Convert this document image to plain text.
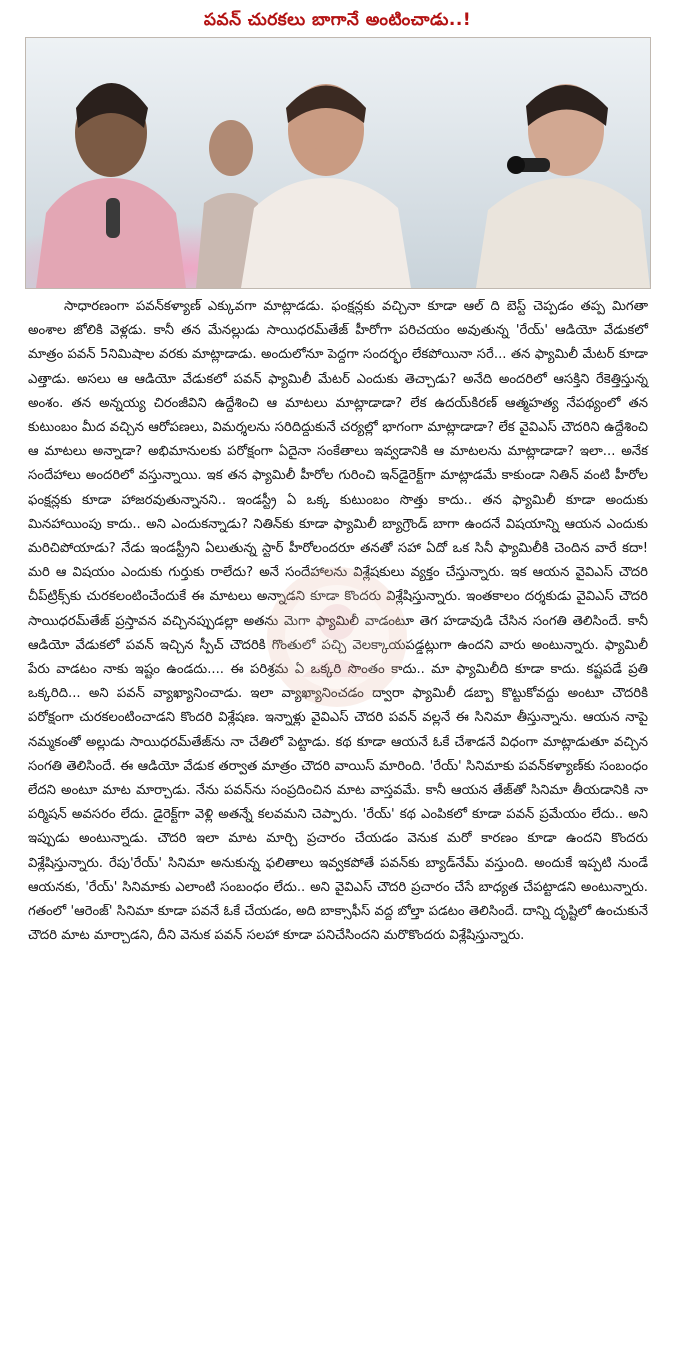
పవన్ చురకలు బాగానే అంటించాడు..!

సాధారణంగా పవన్‌కళ్యాణ్ ఎక్కువగా మాట్లాడడు. ఫంక్షన్లకు వచ్చినా కూడా ఆల్ ది బెస్ట్ చెప్పడం తప్ప మిగతా అంశాల జోలికి వెళ్లడు. కానీ తన మేనల్లుడు సాయిధరమ్‌తేజ్ హీరోగా పరిచయం అవుతున్న 'రేయ్' ఆడియో వేడుకలో మాత్రం పవన్ 5నిమిషాల వరకు మాట్లాడాడు. అందులోనూ పెద్దగా సందర్భం లేకపోయినా సరే... తన ఫ్యామిలీ మేటర్ కూడా ఎత్తాడు. అసలు ఆ ఆడియో వేడుకలో పవన్ ఫ్యామిలీ మేటర్ ఎందుకు తెచ్చాడు? అనేది అందరిలో ఆసక్తిని రేకెత్తిస్తున్న అంశం. తన అన్నయ్య చిరంజీవిని ఉద్దేశించి ఆ మాటలు మాట్లాడాడా? లేక ఉదయ్‌కిరణ్ ఆత్మహత్య నేపథ్యంలో తన కుటుంబం మీద వచ్చిన ఆరోపణలు, విమర్శలను సరిదిద్దుకునే చర్యల్లో భాగంగా మాట్లాడాడా? లేక వైవిఎస్ చౌదరిని ఉద్దేశించి ఆ మాటలు అన్నాడా? అభిమానులకు పరోక్షంగా ఏదైనా సంకేతాలు ఇవ్వడానికి ఆ మాటలను మాట్లాడాడా? ఇలా... అనేక సందేహాలు అందరిలో వస్తున్నాయి. ఇక తన ఫ్యామిలీ హీరోల గురించి ఇన్‌డైరెక్ట్‌గా మాట్లాడమే కాకుండా నితిన్ వంటి హీరోల ఫంక్షన్లకు కూడా హాజరవుతున్నానని.. ఇండస్ట్రీ ఏ ఒక్క కుటుంబం సొత్తు కాదు.. తన ఫ్యామిలీ కూడా అందుకు మినహాయింపు కాదు.. అని ఎందుకన్నాడు? నితిన్‌కు కూడా ఫ్యామిలీ బ్యాగ్రౌండ్ బాగా ఉందనే విషయాన్ని ఆయన ఎందుకు మరిచిపోయాడు? నేడు ఇండస్ట్రీని ఏలుతున్న స్టార్ హీరోలందరూ తనతో సహా ఏదో ఒక సినీ ఫ్యామిలీకి చెందిన వారే కదా! మరి ఆ విషయం ఎందుకు గుర్తుకు రాలేదు? అనే సందేహాలను విశ్లేషకులు వ్యక్తం చేస్తున్నారు. ఇక ఆయన వైవిఎస్ చౌదరి చీప్‌ట్రిక్స్‌కు చురకలంటించేందుకే ఈ మాటలు అన్నాడని కూడా కొందరు విశ్లేషిస్తున్నారు. ఇంతకాలం దర్శకుడు వైవిఎస్ చౌదరి సాయిధరమ్‌తేజ్ ప్రస్తావన వచ్చినప్పుడల్లా అతను మెగా ఫ్యామిలీ వాడంటూ తెగ హడావుడి చేసిన సంగతి తెలిసిందే. కానీ ఆడియో వేడుకలో పవన్ ఇచ్చిన స్పీచ్ చౌదరికి గొంతులో పచ్చి వెలక్కాయపడ్డట్లుగా ఉందని వారు అంటున్నారు. ఫ్యామిలీ పేరు వాడటం నాకు ఇష్టం ఉండదు.... ఈ పరిశ్రమ ఏ ఒక్కరి సొంతం కాదు.. మా ఫ్యామిలీది కూడా కాదు. కష్టపడే ప్రతి ఒక్కరిది... అని పవన్ వ్యాఖ్యానించాడు. ఇలా వ్యాఖ్యానించడం ద్వారా ఫ్యామిలీ డబ్బా కొట్టుకోవద్దు అంటూ చౌదరికి పరోక్షంగా చురకలంటించాడని కొందరి విశ్లేషణ. ఇన్నాళ్లు వైవిఎస్ చౌదరి పవన్ వల్లనే ఈ సినిమా తీస్తున్నాను. ఆయన నాపై నమ్మకంతో అల్లుడు సాయిధరమ్‌తేజ్‌ను నా చేతిలో పెట్టాడు. కథ కూడా ఆయనే ఓకే చేశాడనే విధంగా మాట్లాడుతూ వచ్చిన సంగతి తెలిసిందే. ఈ ఆడియో వేడుక తర్వాత మాత్రం చౌదరి వాయిస్ మారింది. 'రేయ్' సినిమాకు పవన్‌కళ్యాణ్‌కు సంబంధం లేదని అంటూ మాట మార్చాడు. నేను పవన్‌ను సంప్రదించిన మాట వాస్తవమే. కానీ ఆయన తేజ్‌తో సినిమా తీయడానికి నా పర్మిషన్ అవసరం లేదు. డైరెక్ట్‌గా వెళ్లి అతన్నే కలవమని చెప్పారు. 'రేయ్' కథ ఎంపికలో కూడా పవన్ ప్రమేయం లేదు.. అని ఇప్పుడు అంటున్నాడు. చౌదరి ఇలా మాట మార్చి ప్రచారం చేయడం వెనుక మరో కారణం కూడా ఉందని కొందరు విశ్లేషిస్తున్నారు. రేపు'రేయ్' సినిమా అనుకున్న ఫలితాలు ఇవ్వకపోతే పవన్‌కు బ్యాడ్‌నేమ్ వస్తుంది. అందుకే ఇప్పటి నుండే ఆయనకు, 'రేయ్' సినిమాకు ఎలాంటి సంబంధం లేదు.. అని వైవిఎస్ చౌదరి ప్రచారం చేసే బాధ్యత చేపట్టాడని అంటున్నారు. గతంలో 'ఆరెంజ్' సినిమా కూడా పవనే ఓకే చేయడం, అది బాక్సాఫీస్ వద్ద బోల్తా పడటం తెలిసిందే. దాన్ని దృష్టిలో ఉంచుకునే చౌదరి మాట మార్చాడని, దీని వెనుక పవన్ సలహా కూడా పనిచేసిందని మరొకొందరు విశ్లేషిస్తున్నారు.
